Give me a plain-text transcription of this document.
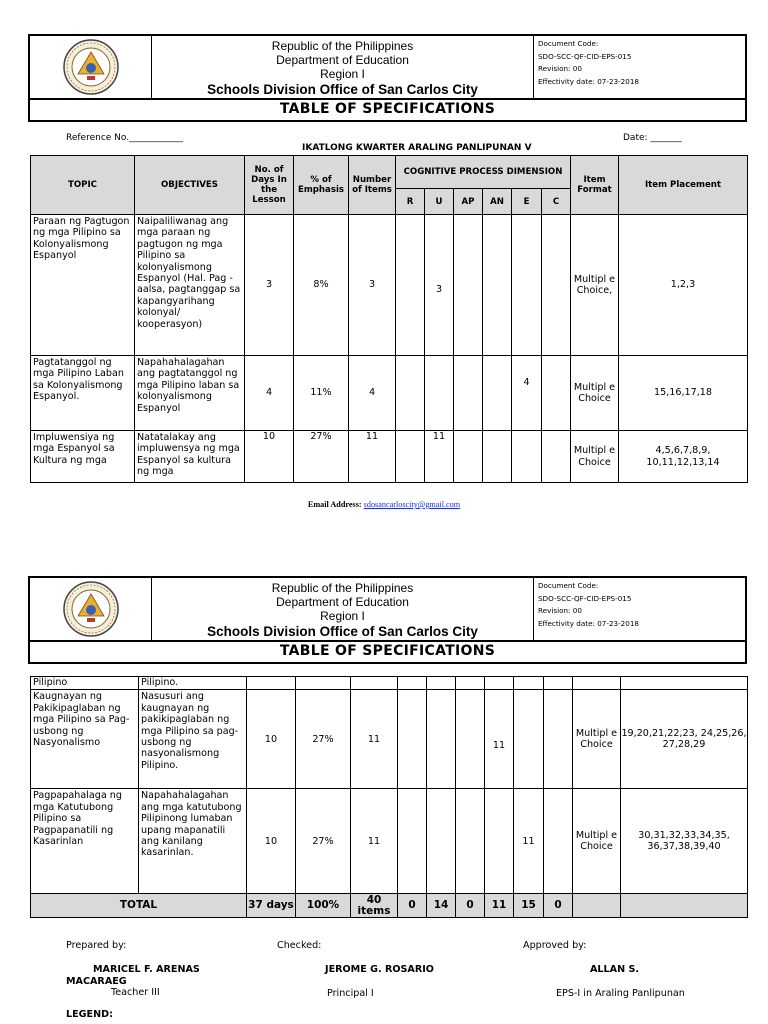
Republic of the Philippines
Department of Education
Region I
Schools Division Office of San Carlos City
Document Code:
SDO-SCC-QF-CID-EPS-015
Revision: 00
Effectivity date: 07-23-2018
TABLE OF SPECIFICATIONS
Reference No.____________
IKATLONG KWARTER ARALING PANLIPUNAN V
Date: _______
TOPIC	OBJECTIVES	No. of Days In the Lesson	% of Emphasis	Number of Items	COGNITIVE PROCESS DIMENSION						Item Format	Item Placement
					R	U	AP	AN	E	C		
Paraan ng Pagtugon ng mga Pilipino sa Kolonyalismong Espanyol	Naipaliliwanag ang mga paraan ng pagtugon ng mga Pilipino sa kolonyalismong Espanyol (Hal. Pag - aalsa, pagtanggap sa kapangyarihang kolonyal/ kooperasyon)	3	8%	3		3					Multipl e Choice,	1,2,3
Pagtatanggol ng mga Pilipino Laban sa Kolonyalismong Espanyol.	Napahahalagahan ang pagtatanggol ng mga Pilipino laban sa kolonyalismong Espanyol	4	11%	4					4		Multipl e Choice	15,16,17,18
Impluwensiya ng mga Espanyol sa Kultura ng mga	Natatalakay ang impluwensya ng mga Espanyol sa kultura ng mga	10	27%	11		11					Multipl e Choice	4,5,6,7,8,9, 10,11,12,13,14
Email Address: sdosancarloscity@gmail.com
Republic of the Philippines
Department of Education
Region I
Schools Division Office of San Carlos City
Document Code:
SDO-SCC-QF-CID-EPS-015
Revision: 00
Effectivity date: 07-23-2018
TABLE OF SPECIFICATIONS
Pilipino	Pilipino.											
Kaugnayan ng Pakikipaglaban ng mga Pilipino sa Pag-usbong ng Nasyonalismo	Nasusuri ang kaugnayan ng pakikipaglaban ng mga Pilipino sa pag-usbong ng nasyonalismong Pilipino.	10	27%	11				11			Multipl e Choice	19,20,21,22,23, 24,25,26, 27,28,29
Pagpapahalaga ng mga Katutubong Pilipino sa Pagpapanatili ng Kasarinlan	Napahahalagahan ang mga katutubong Pilipinong lumaban upang mapanatili ang kanilang kasarinlan.	10	27%	11					11		Multipl e Choice	30,31,32,33,34,35, 36,37,38,39,40
TOTAL		37 days	100%	40 items	0	14	0	11	15	0		
Prepared by:	Checked:	Approved by:
MARICEL F. ARENAS MACARAEG
JEROME G. ROSARIO	ALLAN S.
Teacher III	Principal I	EPS-I in Araling Panlipunan
LEGEND:
